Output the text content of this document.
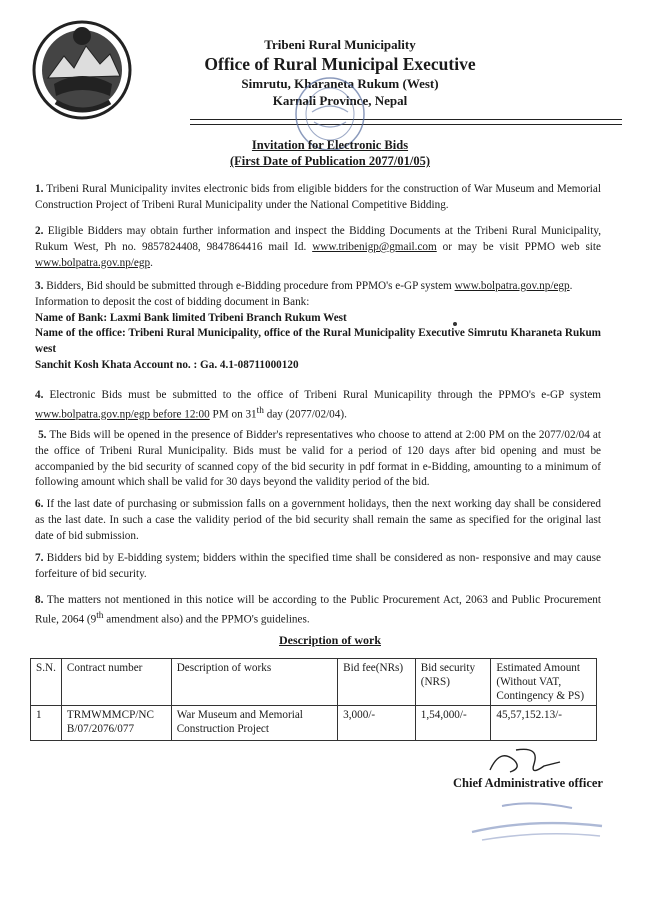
Tribeni Rural Municipality
Office of Rural Municipal Executive
Simrutu, Kharaneta Rukum (West)
Karnali Province, Nepal
Invitation for Electronic Bids
(First Date of Publication 2077/01/05)
1. Tribeni Rural Municipality invites electronic bids from eligible bidders for the construction of War Museum and Memorial Construction Project of Tribeni Rural Municipality under the National Competitive Bidding.
2. Eligible Bidders may obtain further information and inspect the Bidding Documents at the Tribeni Rural Municipality, Rukum West, Ph no. 9857824408, 9847864416 mail Id. www.tribenigp@gmail.com or may be visit PPMO web site www.bolpatra.gov.np/egp.
3. Bidders, Bid should be submitted through e-Bidding procedure from PPMO's e-GP system www.bolpatra.gov.np/egp.
Information to deposit the cost of bidding document in Bank:
Name of Bank: Laxmi Bank limited Tribeni Branch Rukum West
Name of the office: Tribeni Rural Municipality, office of the Rural Municipality Executive Simrutu Kharaneta Rukum west
Sanchit Kosh Khata Account no. : Ga. 4.1-08711000120
4. Electronic Bids must be submitted to the office of Tribeni Rural Municapility through the PPMO's e-GP system www.bolpatra.gov.np/egp before 12:00 PM on 31th day (2077/02/04).
5. The Bids will be opened in the presence of Bidder's representatives who choose to attend at 2:00 PM on the 2077/02/04 at the office of Tribeni Rural Municipality. Bids must be valid for a period of 120 days after bid opening and must be accompanied by the bid security of scanned copy of the bid security in pdf format in e-Bidding, amounting to a minimum of following amount which shall be valid for 30 days beyond the validity period of the bid.
6. If the last date of purchasing or submission falls on a government holidays, then the next working day shall be considered as the last date. In such a case the validity period of the bid security shall remain the same as specified for the original last date of bid submission.
7. Bidders bid by E-bidding system; bidders within the specified time shall be considered as non- responsive and may cause forfeiture of bid security.
8. The matters not mentioned in this notice will be according to the Public Procurement Act, 2063 and Public Procurement Rule, 2064 (9th amendment also) and the PPMO's guidelines.
Description of work
S.N.	Contract number	Description of works	Bid fee(NRs)	Bid security (NRS)	Estimated Amount (Without VAT, Contingency & PS)
1	TRMWMMCP/NC B/07/2076/077	War Museum and Memorial Construction Project	3,000/-	1,54,000/-	45,57,152.13/-
Chief Administrative officer
